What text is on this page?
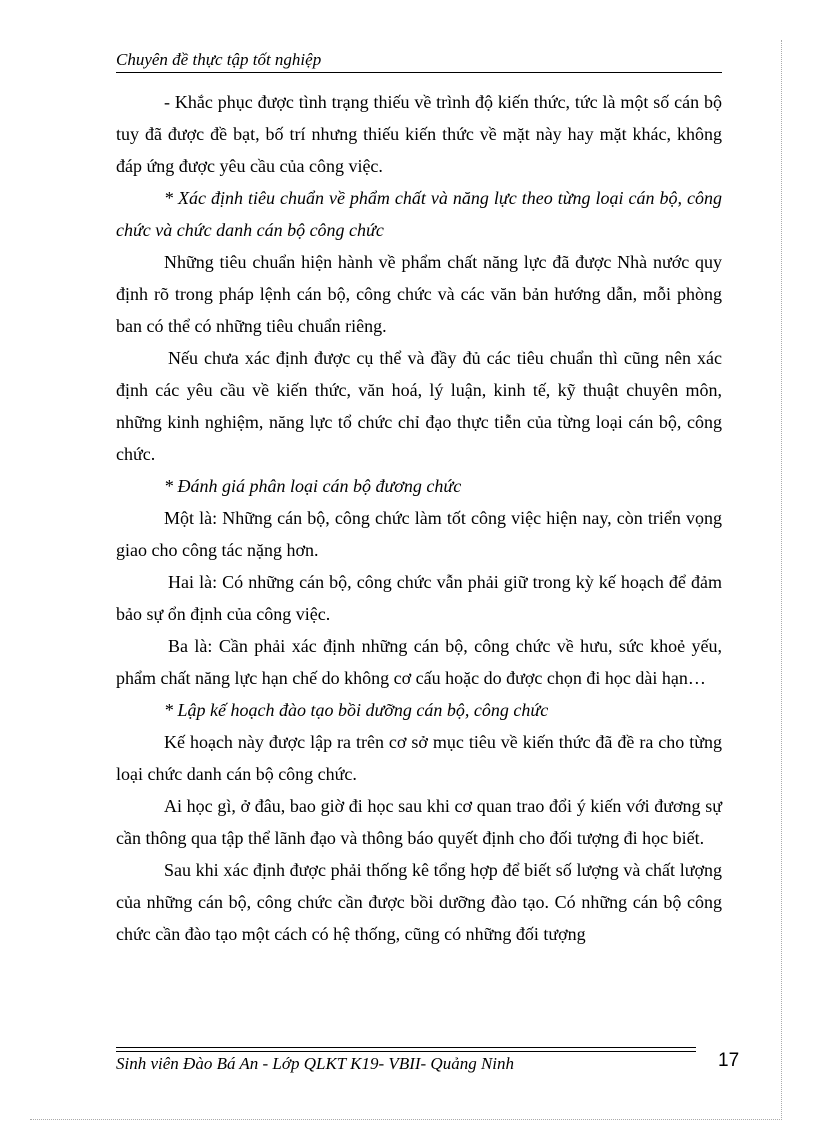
Chuyên đề thực tập tốt nghiệp

- Khắc phục được tình trạng thiếu về trình độ kiến thức, tức là một số cán bộ tuy đã được đề bạt, bố trí nhưng thiếu kiến thức về mặt này hay mặt khác, không đáp ứng được yêu cầu của công việc.

* Xác định tiêu chuẩn về phẩm chất và năng lực theo từng loại cán bộ, công chức và chức danh cán bộ công chức

Những tiêu chuẩn hiện hành về phẩm chất năng lực đã được Nhà nước quy định rõ trong pháp lệnh cán bộ, công chức và các văn bản hướng dẫn, mỗi phòng ban có thể có những tiêu chuẩn riêng.

Nếu chưa xác định được cụ thể và đầy đủ các tiêu chuẩn thì cũng nên xác định các yêu cầu về kiến thức, văn hoá, lý luận, kinh tế, kỹ thuật chuyên môn, những kinh nghiệm, năng lực tổ chức chỉ đạo thực tiễn của từng loại cán bộ, công chức.

* Đánh giá phân loại cán bộ đương chức

Một là: Những cán bộ, công chức làm tốt công việc hiện nay, còn triển vọng giao cho công tác nặng hơn.

Hai là: Có những cán bộ, công chức vẫn phải giữ trong kỳ kế hoạch để đảm bảo sự ổn định của công việc.

Ba là: Cần phải xác định những cán bộ, công chức về hưu, sức khoẻ yếu, phẩm chất năng lực hạn chế do không cơ cấu hoặc do được chọn đi học dài hạn…

* Lập kế hoạch đào tạo bồi dưỡng cán bộ, công chức

Kế hoạch này được lập ra trên cơ sở mục tiêu về kiến thức đã đề ra cho từng loại chức danh cán bộ công chức.

Ai học gì, ở đâu, bao giờ đi học sau khi cơ quan trao đổi ý kiến với đương sự cần thông qua tập thể lãnh đạo và thông báo quyết định cho đối tượng đi học biết.

Sau khi xác định được phải thống kê tổng hợp để biết số lượng và chất lượng của những cán bộ, công chức cần được bồi dưỡng đào tạo. Có những cán bộ công chức cần đào tạo một cách có hệ thống, cũng có những đối tượng

Sinh viên Đào Bá An - Lớp QLKT K19- VBII- Quảng Ninh	17
